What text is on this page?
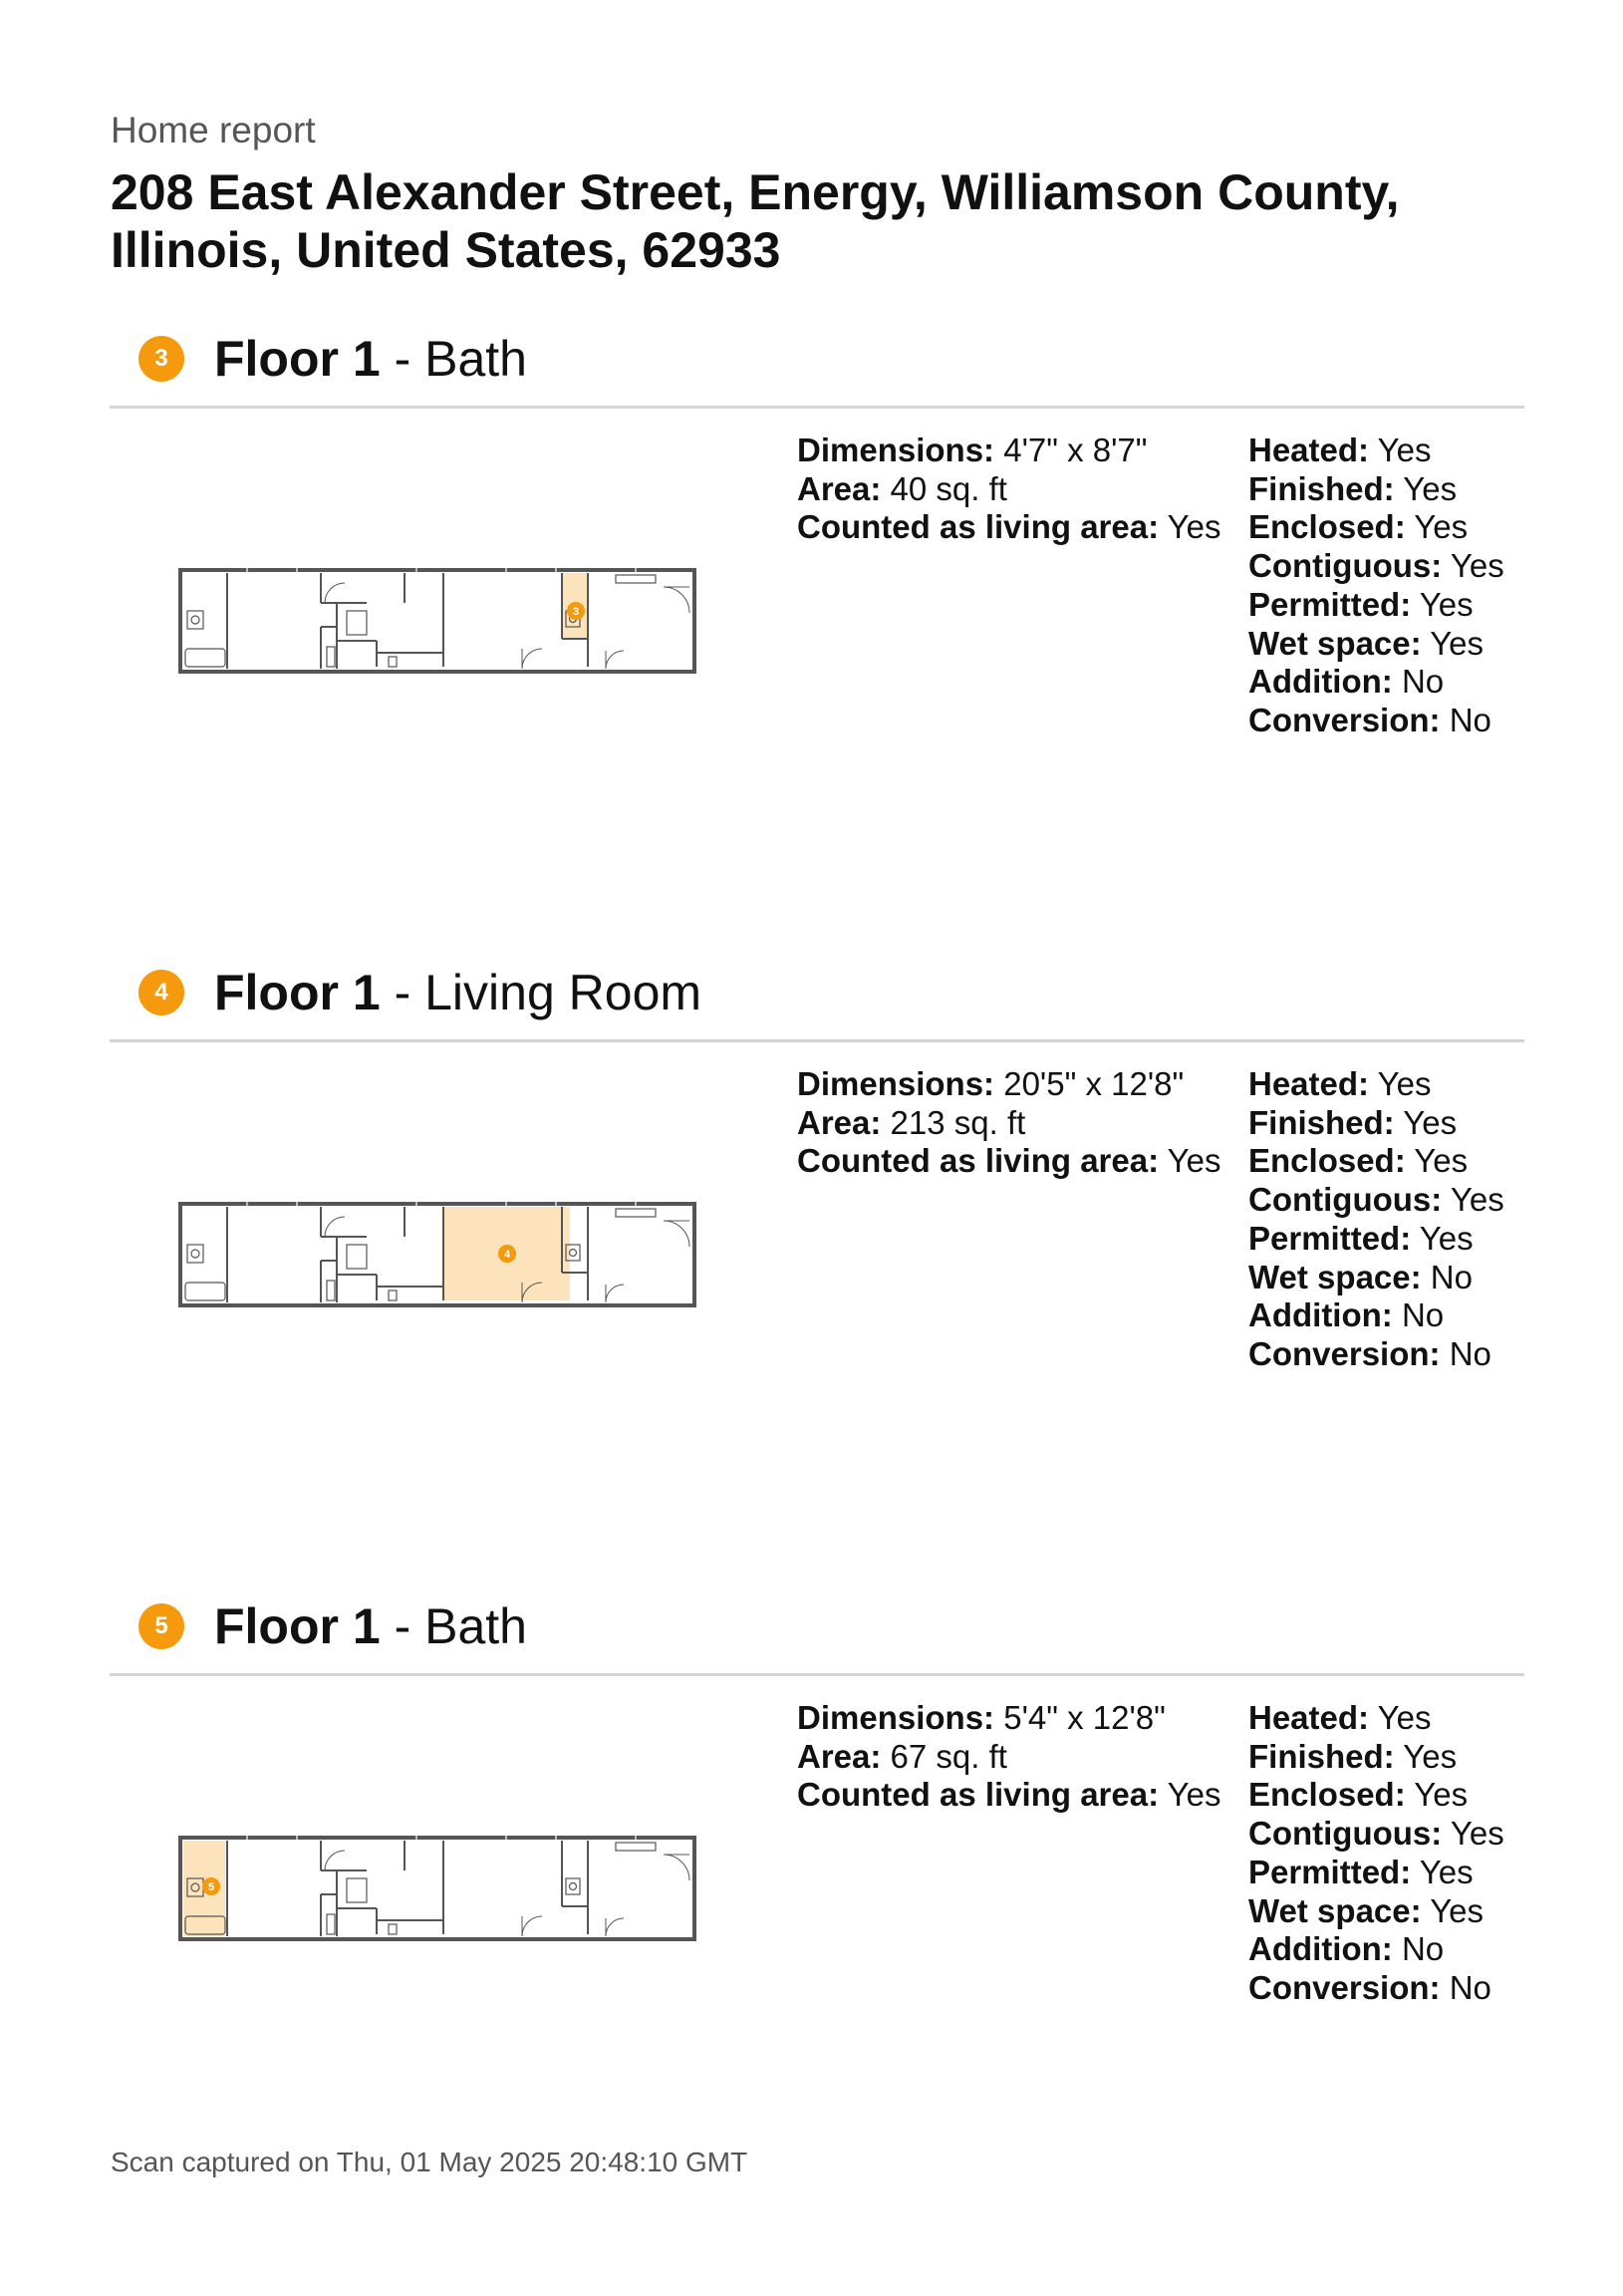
Home report
208 East Alexander Street, Energy, Williamson County, Illinois, United States, 62933
3 Floor 1 - Bath
3
Dimensions: 4'7" x 8'7"
Area: 40 sq. ft
Counted as living area: Yes
Heated: Yes
Finished: Yes
Enclosed: Yes
Contiguous: Yes
Permitted: Yes
Wet space: Yes
Addition: No
Conversion: No
4 Floor 1 - Living Room
4
Dimensions: 20'5" x 12'8"
Area: 213 sq. ft
Counted as living area: Yes
Heated: Yes
Finished: Yes
Enclosed: Yes
Contiguous: Yes
Permitted: Yes
Wet space: No
Addition: No
Conversion: No
5 Floor 1 - Bath
5
Dimensions: 5'4" x 12'8"
Area: 67 sq. ft
Counted as living area: Yes
Heated: Yes
Finished: Yes
Enclosed: Yes
Contiguous: Yes
Permitted: Yes
Wet space: Yes
Addition: No
Conversion: No
Scan captured on Thu, 01 May 2025 20:48:10 GMT
